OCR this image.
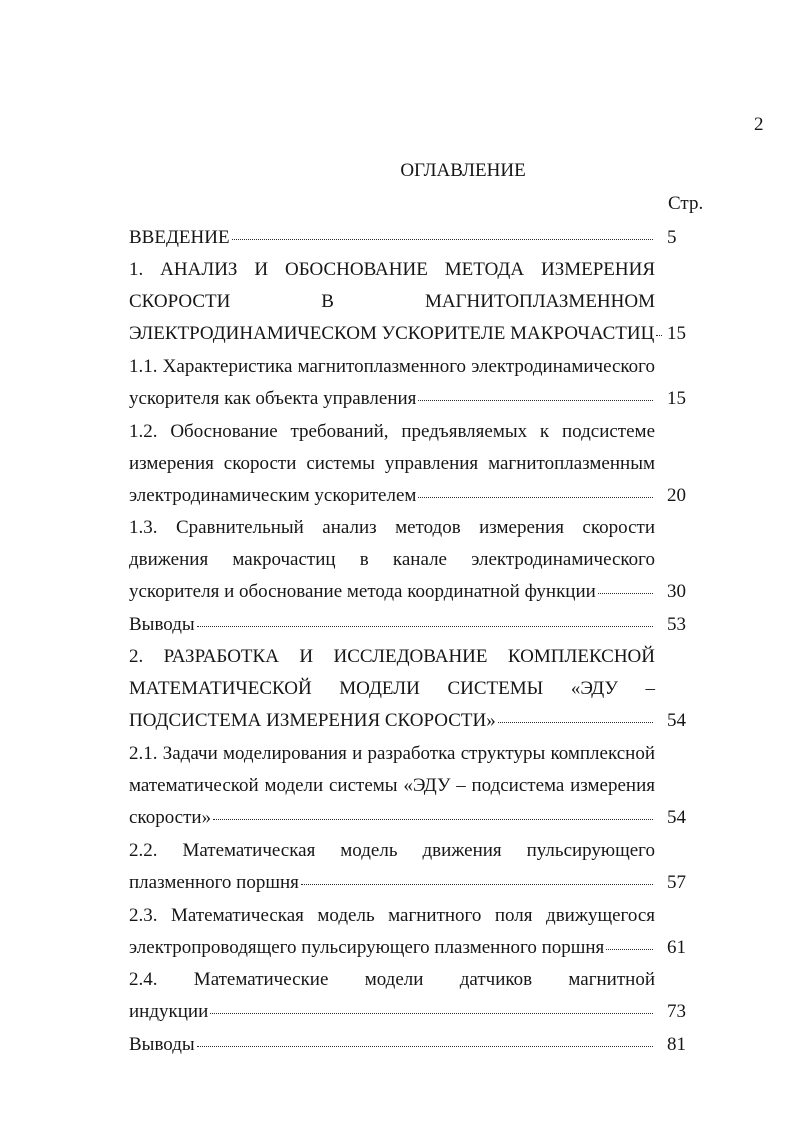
2
ОГЛАВЛЕНИЕ
Стр.
ВВЕДЕНИЕ	5
1. АНАЛИЗ И ОБОСНОВАНИЕ МЕТОДА ИЗМЕРЕНИЯ
СКОРОСТИ В МАГНИТОПЛАЗМЕННОМ
ЭЛЕКТРОДИНАМИЧЕСКОМ УСКОРИТЕЛЕ МАКРОЧАСТИЦ 15
1.1. Характеристика магнитоплазменного электродинамического
ускорителя как объекта управления	15
1.2. Обоснование требований, предъявляемых к подсистеме
измерения скорости системы управления магнитоплазменным
электродинамическим ускорителем	20
1.3. Сравнительный анализ методов измерения скорости
движения макрочастиц в канале электродинамического
ускорителя и обоснование метода координатной функции	30
Выводы	53
2. РАЗРАБОТКА И ИССЛЕДОВАНИЕ КОМПЛЕКСНОЙ
МАТЕМАТИЧЕСКОЙ МОДЕЛИ СИСТЕМЫ «ЭДУ –
ПОДСИСТЕМА ИЗМЕРЕНИЯ СКОРОСТИ»	54
2.1. Задачи моделирования и разработка структуры комплексной
математической модели системы «ЭДУ – подсистема измерения
скорости»	54
2.2. Математическая модель движения пульсирующего
плазменного поршня	57
2.3. Математическая модель магнитного поля движущегося
электропроводящего пульсирующего плазменного поршня	61
2.4. Математические модели датчиков магнитной
индукции	73
Выводы	81
